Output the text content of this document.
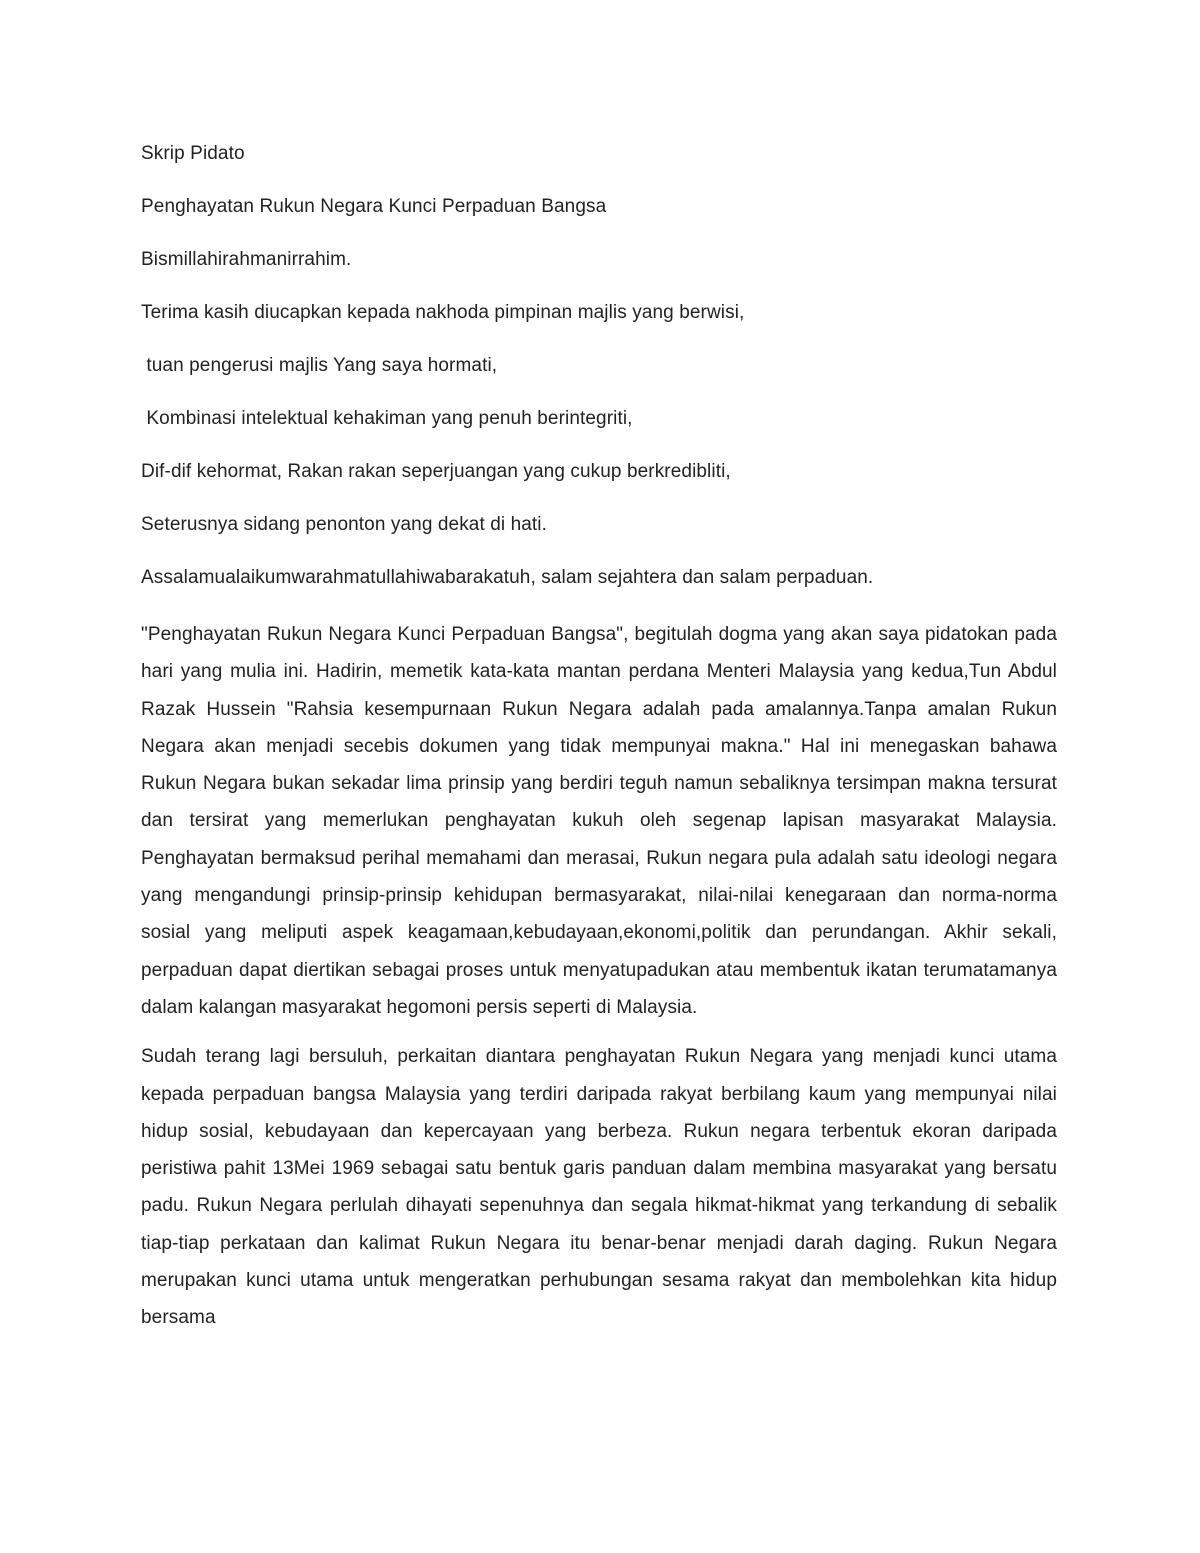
Skrip Pidato

Penghayatan Rukun Negara Kunci Perpaduan Bangsa

Bismillahirahmanirrahim.

Terima kasih diucapkan kepada nakhoda pimpinan majlis yang berwisi,

tuan pengerusi majlis Yang saya hormati,

Kombinasi intelektual kehakiman yang penuh berintegriti,

Dif-dif kehormat, Rakan rakan seperjuangan yang cukup berkrediblit​i,

Seterusnya sidang penonton yang dekat di hati.

Assalamualaikumwarahmatullahiwabarakatuh, salam sejahtera dan salam perpaduan.

"Penghayatan Rukun Negara Kunci Perpaduan Bangsa", begitulah dogma yang akan saya pidatokan pada hari yang mulia ini. Hadirin, memetik kata-kata mantan perdana Menteri Malaysia yang kedua,Tun Abdul Razak Hussein "Rahsia kesempurnaan Rukun Negara adalah pada amalannya.Tanpa amalan Rukun Negara akan menjadi secebis dokumen yang tidak mempunyai makna." Hal ini menegaskan bahawa Rukun Negara bukan sekadar lima prinsip yang berdiri teguh namun sebaliknya tersimpan makna tersurat dan tersirat yang memerlukan penghayatan kukuh oleh segenap lapisan masyarakat Malaysia. Penghayatan bermaksud perihal memahami dan merasai, Rukun negara pula adalah satu ideologi negara yang mengandungi prinsip-prinsip kehidupan bermasyarakat, nilai-nilai kenegaraan dan norma-norma sosial yang meliputi aspek keagamaan,kebudayaan,ekonomi,politik dan perundangan. Akhir sekali, perpaduan dapat diertikan sebagai proses untuk menyatupadukan atau membentuk ikatan terumatamanya dalam kalangan masyarakat hegomoni persis seperti di Malaysia.

Sudah terang lagi bersuluh, perkaitan diantara penghayatan Rukun Negara yang menjadi kunci utama kepada perpaduan bangsa Malaysia yang terdiri daripada rakyat berbilang kaum yang mempunyai nilai hidup sosial, kebudayaan dan kepercayaan yang berbeza. Rukun negara terbentuk ekoran daripada peristiwa pahit 13Mei 1969 sebagai satu bentuk garis panduan dalam membina masyarakat yang bersatu padu. Rukun Negara perlulah dihayati sepenuhnya dan segala hikmat-hikmat yang terkandung di sebalik tiap-tiap perkataan dan kalimat Rukun Negara itu benar-benar menjadi darah daging. Rukun Negara merupakan kunci utama untuk mengeratkan perhubungan sesama rakyat dan membolehkan kita hidup bersama
